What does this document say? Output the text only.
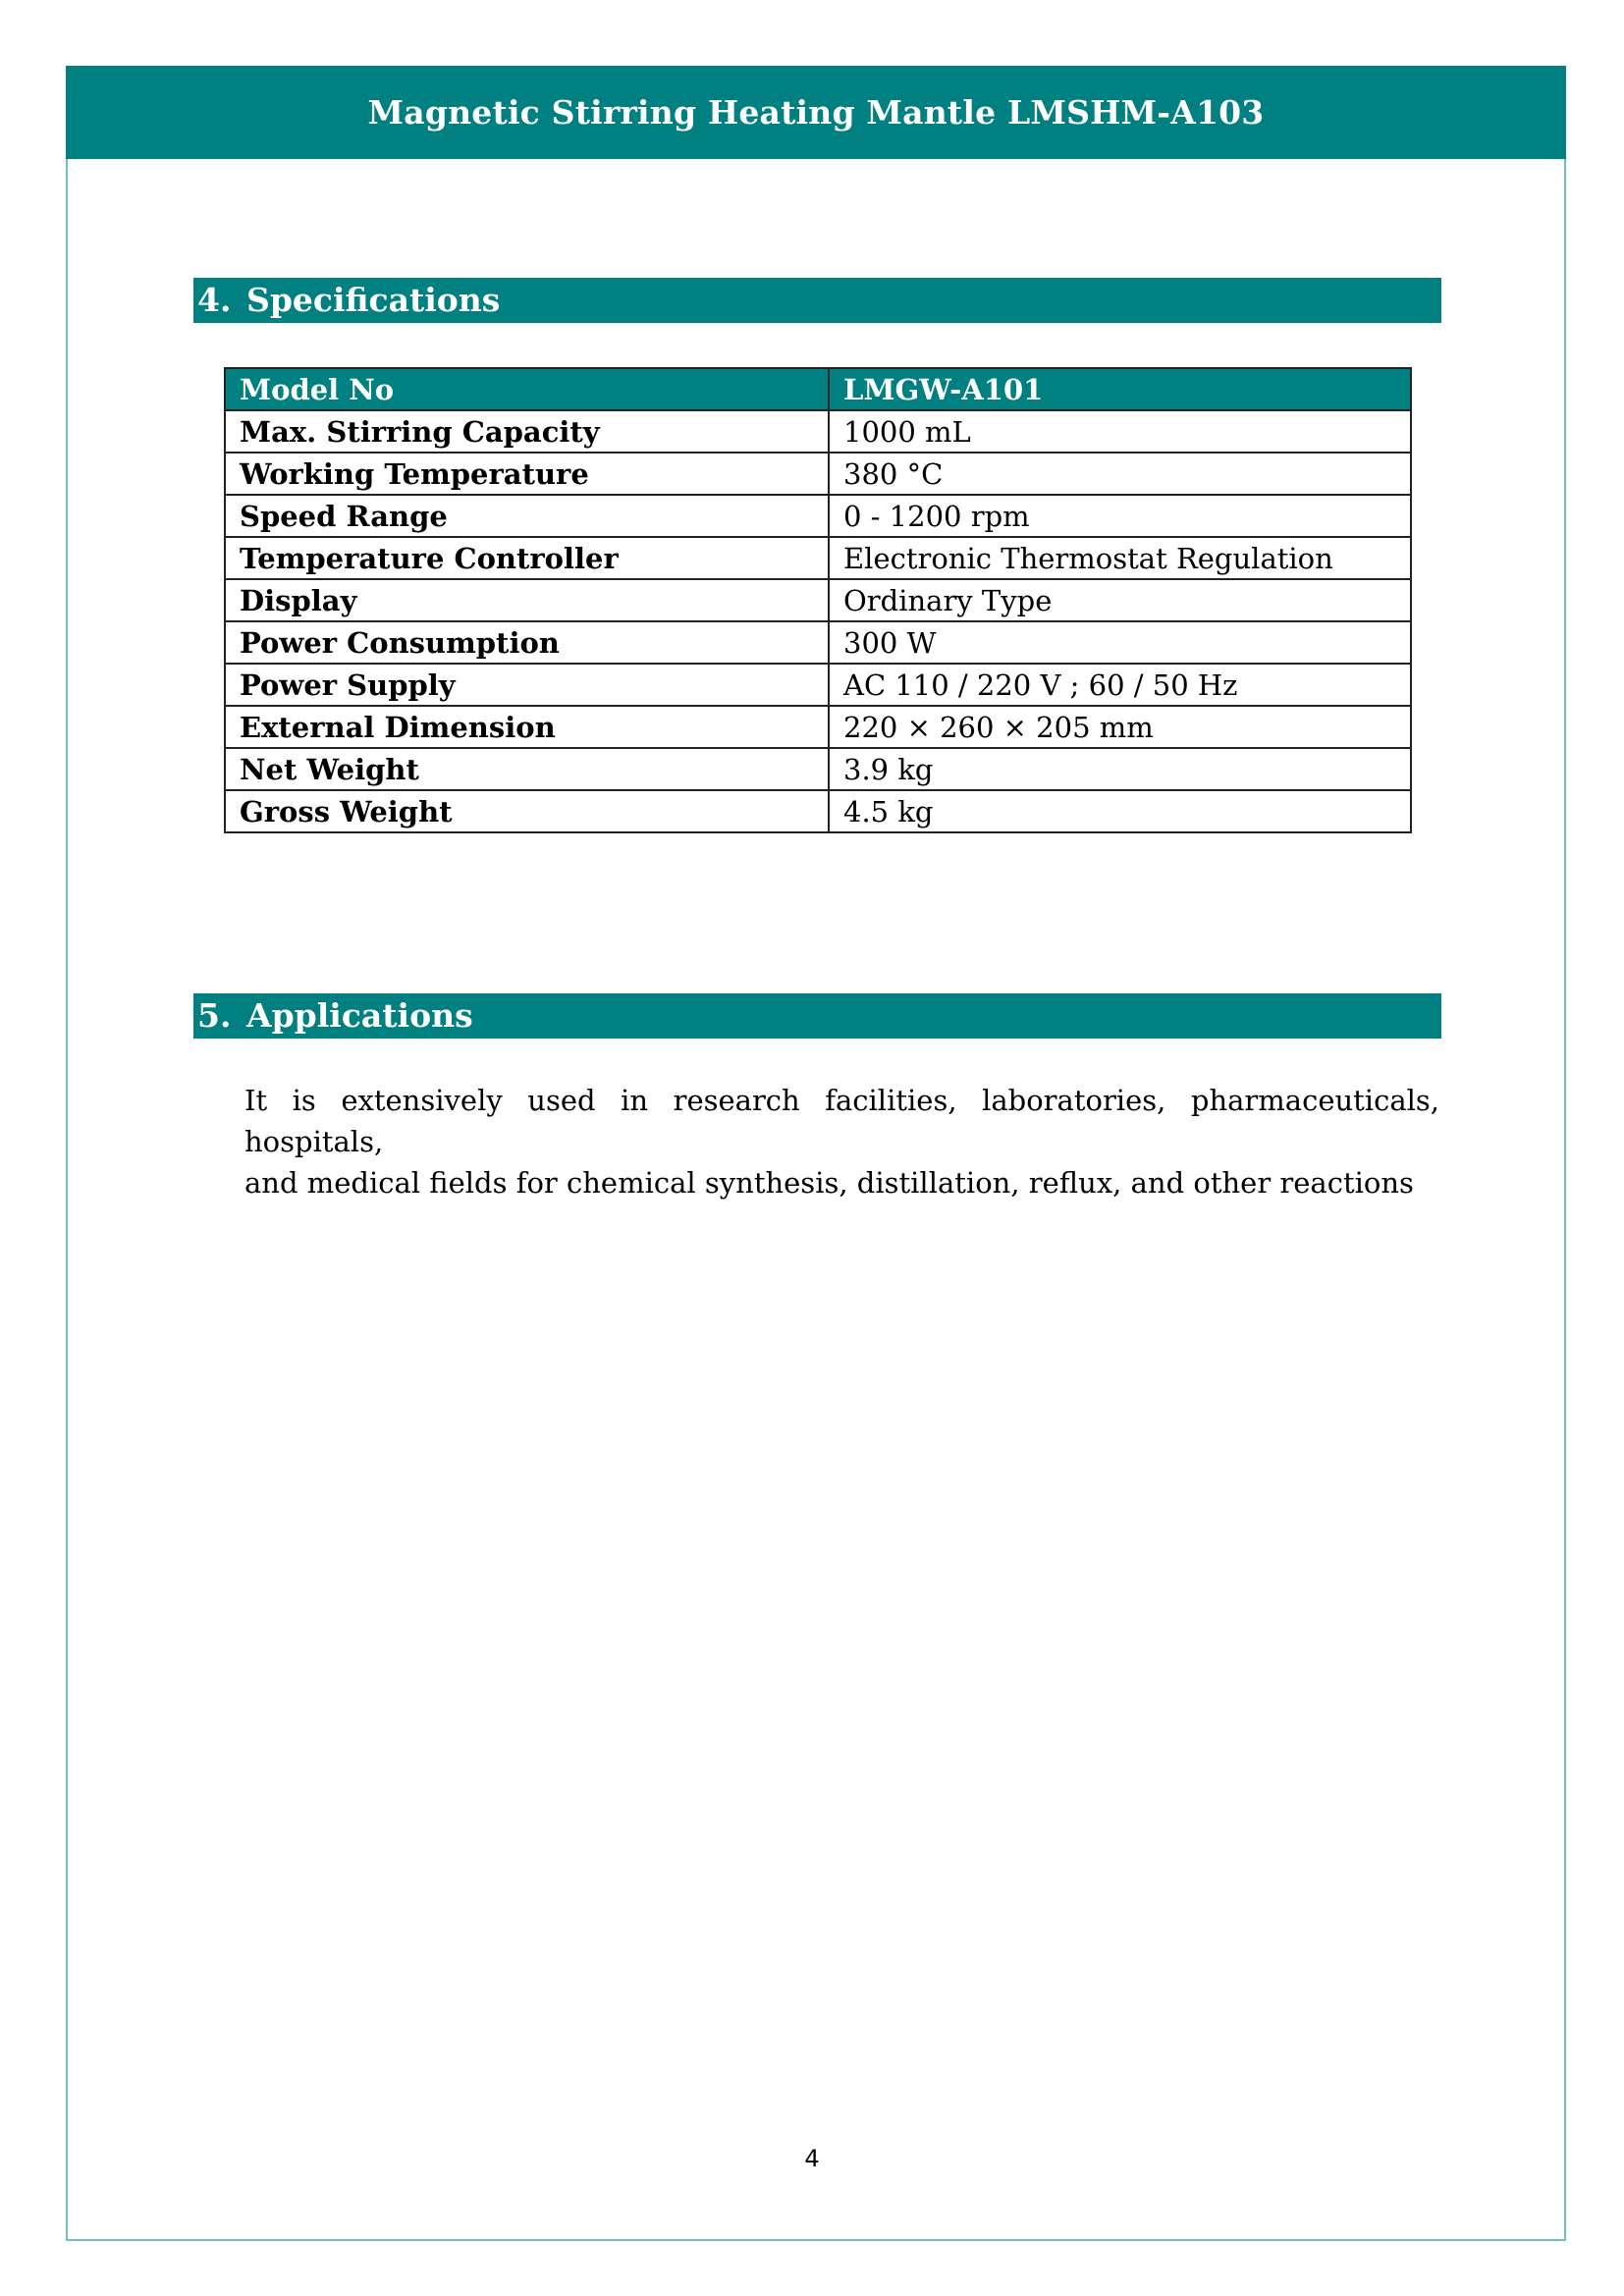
Magnetic Stirring Heating Mantle LMSHM-A103
4. Specifications
Model No	LMGW-A101
Max. Stirring Capacity	1000 mL
Working Temperature	380 °C
Speed Range	0 - 1200 rpm
Temperature Controller	Electronic Thermostat Regulation
Display	Ordinary Type
Power Consumption	300 W
Power Supply	AC 110 / 220 V ; 60 / 50 Hz
External Dimension	220 × 260 × 205 mm
Net Weight	3.9 kg
Gross Weight	4.5 kg
5. Applications
It is extensively used in research facilities, laboratories, pharmaceuticals, hospitals,
and medical fields for chemical synthesis, distillation, reflux, and other reactions
4
